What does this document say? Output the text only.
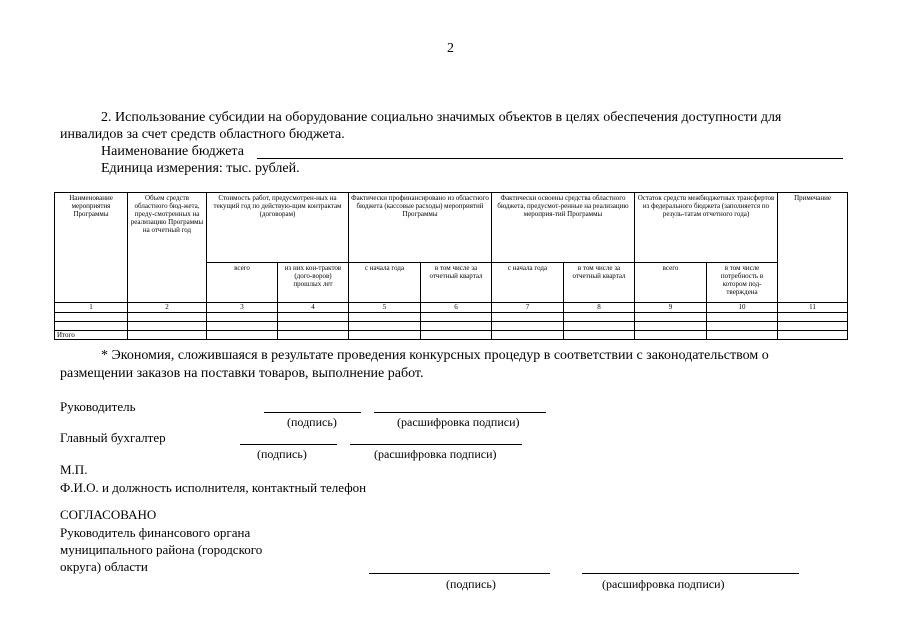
2
2. Использование субсидии на оборудование социально значимых объектов в целях обеспечения доступности для
инвалидов за счет средств областного бюджета.
Наименование бюджета
Единица измерения: тыс. рублей.
Наименование мероприятия Программы	Объем средств областного бюд-жета, преду-смотренных на реализацию Программы на отчетный год	Стоимость работ, предусмотрен-ных на текущий год по действую-щим контрактам (договорам)		Фактически профинансировано из областного бюджета (кассовые расходы) мероприятий Программы		Фактически освоены средства областного бюджета, предусмот-ренные на реализацию мероприя-тий Программы		Остаток средств межбюджетных трансфертов из федерального бюджета (заполняется по резуль-татам отчетного года)		Примечание
		всего	из них кон-трактов (дого-воров) прошлых лет	с начала года	в том числе за отчетный квартал	с начала года	в том числе за отчетный квартал	всего	в том числе потребность в котором под-тверждена	
1	2	3	4	5	6	7	8	9	10	11

Итого										
* Экономия, сложившаяся в результате проведения конкурсных процедур в соответствии с законодательством о
размещении заказов на поставки товаров, выполнение работ.
Руководитель
(подпись)	(расшифровка подписи)
Главный бухгалтер
(подпись)	(расшифровка подписи)
М.П.
Ф.И.О. и должность исполнителя, контактный телефон
СОГЛАСОВАНО
Руководитель финансового органа
муниципального района (городского
округа) области
(подпись)	(расшифровка подписи)
